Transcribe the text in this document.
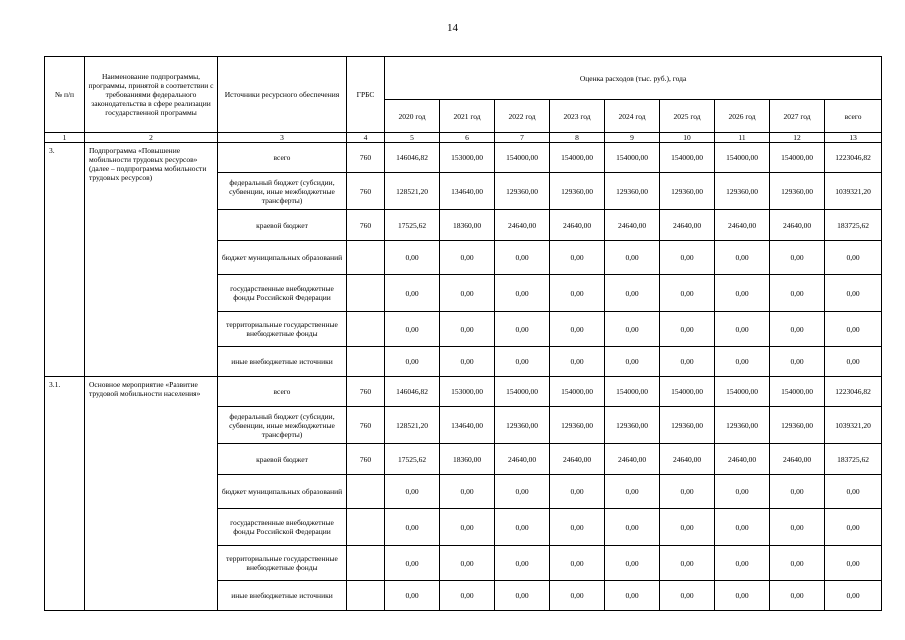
14
№ п/п	Наименование подпрограммы, программы, принятой в соответствии с требованиями федерального законодательства в сфере реализации государственной программы	Источники ресурсного обеспечения	ГРБС	Оценка расходов (тыс. руб.), года								
				2020 год	2021 год	2022 год	2023 год	2024 год	2025 год	2026 год	2027 год	всего
1	2	3	4	5	6	7	8	9	10	11	12	13
3.	Подпрограмма «Повышение мобильности трудовых ресурсов» (далее – подпрограмма мобильности трудовых ресурсов)	всего	760	146046,82	153000,00	154000,00	154000,00	154000,00	154000,00	154000,00	154000,00	1223046,82
		федеральный бюджет (субсидии, субвенции, иные межбюджетные трансферты)	760	128521,20	134640,00	129360,00	129360,00	129360,00	129360,00	129360,00	129360,00	1039321,20
		краевой бюджет	760	17525,62	18360,00	24640,00	24640,00	24640,00	24640,00	24640,00	24640,00	183725,62
		бюджет муниципальных образований		0,00	0,00	0,00	0,00	0,00	0,00	0,00	0,00	0,00
		государственные внебюджетные фонды Российской Федерации		0,00	0,00	0,00	0,00	0,00	0,00	0,00	0,00	0,00
		территориальные государственные внебюджетные фонды		0,00	0,00	0,00	0,00	0,00	0,00	0,00	0,00	0,00
		иные внебюджетные источники		0,00	0,00	0,00	0,00	0,00	0,00	0,00	0,00	0,00
3.1.	Основное мероприятие «Развитие трудовой мобильности населения»	всего	760	146046,82	153000,00	154000,00	154000,00	154000,00	154000,00	154000,00	154000,00	1223046,82
		федеральный бюджет (субсидии, субвенции, иные межбюджетные трансферты)	760	128521,20	134640,00	129360,00	129360,00	129360,00	129360,00	129360,00	129360,00	1039321,20
		краевой бюджет	760	17525,62	18360,00	24640,00	24640,00	24640,00	24640,00	24640,00	24640,00	183725,62
		бюджет муниципальных образований		0,00	0,00	0,00	0,00	0,00	0,00	0,00	0,00	0,00
		государственные внебюджетные фонды Российской Федерации		0,00	0,00	0,00	0,00	0,00	0,00	0,00	0,00	0,00
		территориальные государственные внебюджетные фонды		0,00	0,00	0,00	0,00	0,00	0,00	0,00	0,00	0,00
		иные внебюджетные источники		0,00	0,00	0,00	0,00	0,00	0,00	0,00	0,00	0,00
